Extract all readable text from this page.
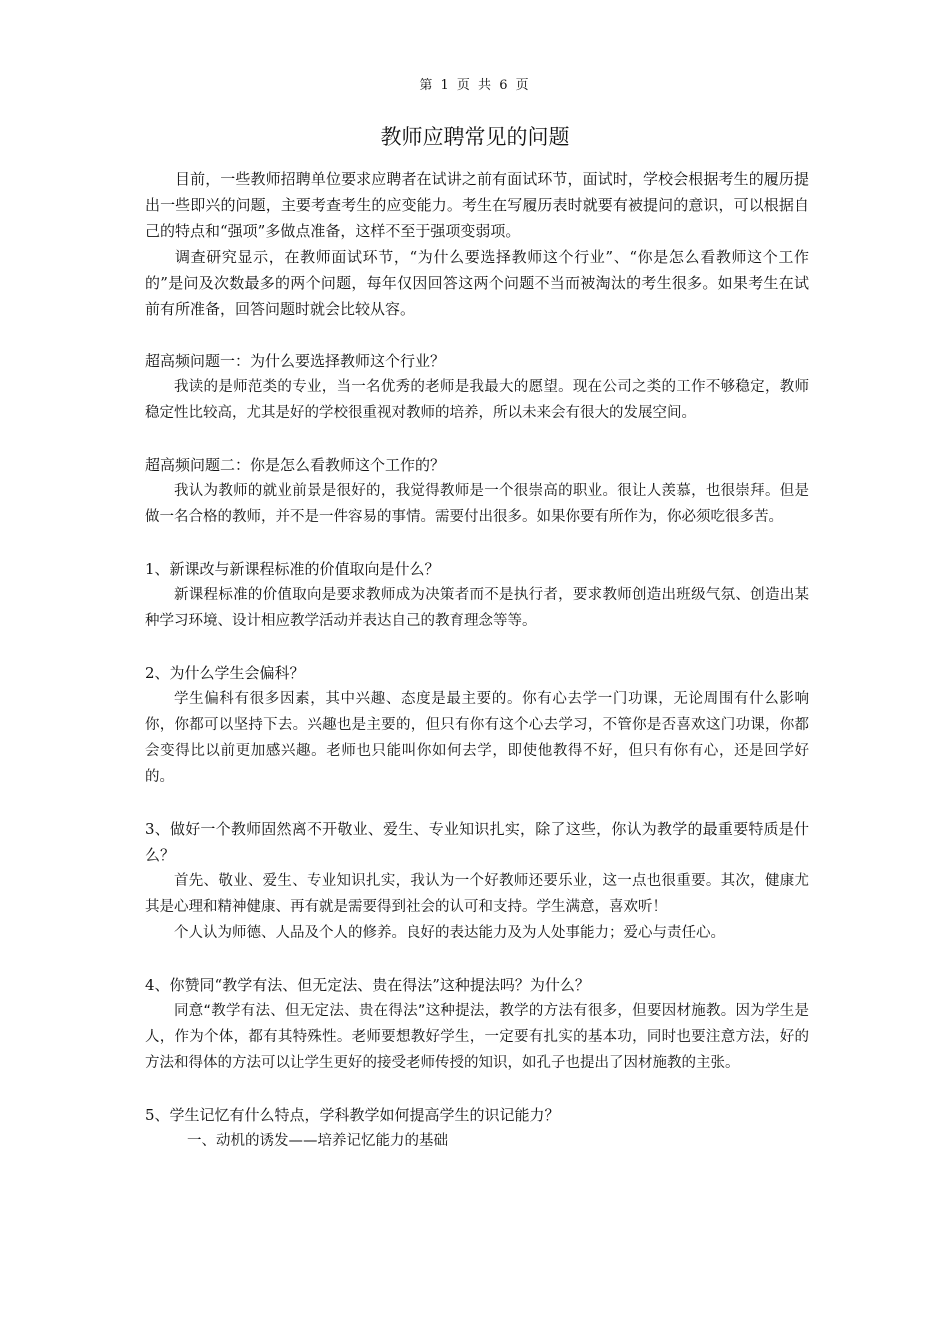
第 1 页 共 6 页
教师应聘常见的问题

目前，一些教师招聘单位要求应聘者在试讲之前有面试环节，面试时，学校会根据考生的履历提出一些即兴的问题，主要考查考生的应变能力。考生在写履历表时就要有被提问的意识，可以根据自己的特点和“强项”多做点准备，这样不至于强项变弱项。

调查研究显示，在教师面试环节，“为什么要选择教师这个行业”、“你是怎么看教师这个工作的”是问及次数最多的两个问题，每年仅因回答这两个问题不当而被淘汰的考生很多。如果考生在试前有所准备，回答问题时就会比较从容。

超高频问题一：为什么要选择教师这个行业？

我读的是师范类的专业，当一名优秀的老师是我最大的愿望。现在公司之类的工作不够稳定，教师稳定性比较高，尤其是好的学校很重视对教师的培养，所以未来会有很大的发展空间。

超高频问题二：你是怎么看教师这个工作的？

我认为教师的就业前景是很好的，我觉得教师是一个很崇高的职业。很让人羡慕，也很崇拜。但是做一名合格的教师，并不是一件容易的事情。需要付出很多。如果你要有所作为，你必须吃很多苦。

1、新课改与新课程标准的价值取向是什么？

新课程标准的价值取向是要求教师成为决策者而不是执行者，要求教师创造出班级气氛、创造出某种学习环境、设计相应教学活动并表达自己的教育理念等等。

2、为什么学生会偏科？

学生偏科有很多因素，其中兴趣、态度是最主要的。你有心去学一门功课，无论周围有什么影响你，你都可以坚持下去。兴趣也是主要的，但只有你有这个心去学习，不管你是否喜欢这门功课，你都会变得比以前更加感兴趣。老师也只能叫你如何去学，即使他教得不好，但只有你有心，还是回学好的。

3、做好一个教师固然离不开敬业、爱生、专业知识扎实，除了这些，你认为教学的最重要特质是什么？

首先、敬业、爱生、专业知识扎实，我认为一个好教师还要乐业，这一点也很重要。其次，健康尤其是心理和精神健康、再有就是需要得到社会的认可和支持。学生满意，喜欢听！

个人认为师德、人品及个人的修养。良好的表达能力及为人处事能力；爱心与责任心。

4、你赞同“教学有法、但无定法、贵在得法”这种提法吗？为什么？

同意“教学有法、但无定法、贵在得法”这种提法，教学的方法有很多，但要因材施教。因为学生是人，作为个体，都有其特殊性。老师要想教好学生，一定要有扎实的基本功，同时也要注意方法，好的方法和得体的方法可以让学生更好的接受老师传授的知识，如孔子也提出了因材施教的主张。

5、学生记忆有什么特点，学科教学如何提高学生的识记能力？

一、动机的诱发——培养记忆能力的基础
